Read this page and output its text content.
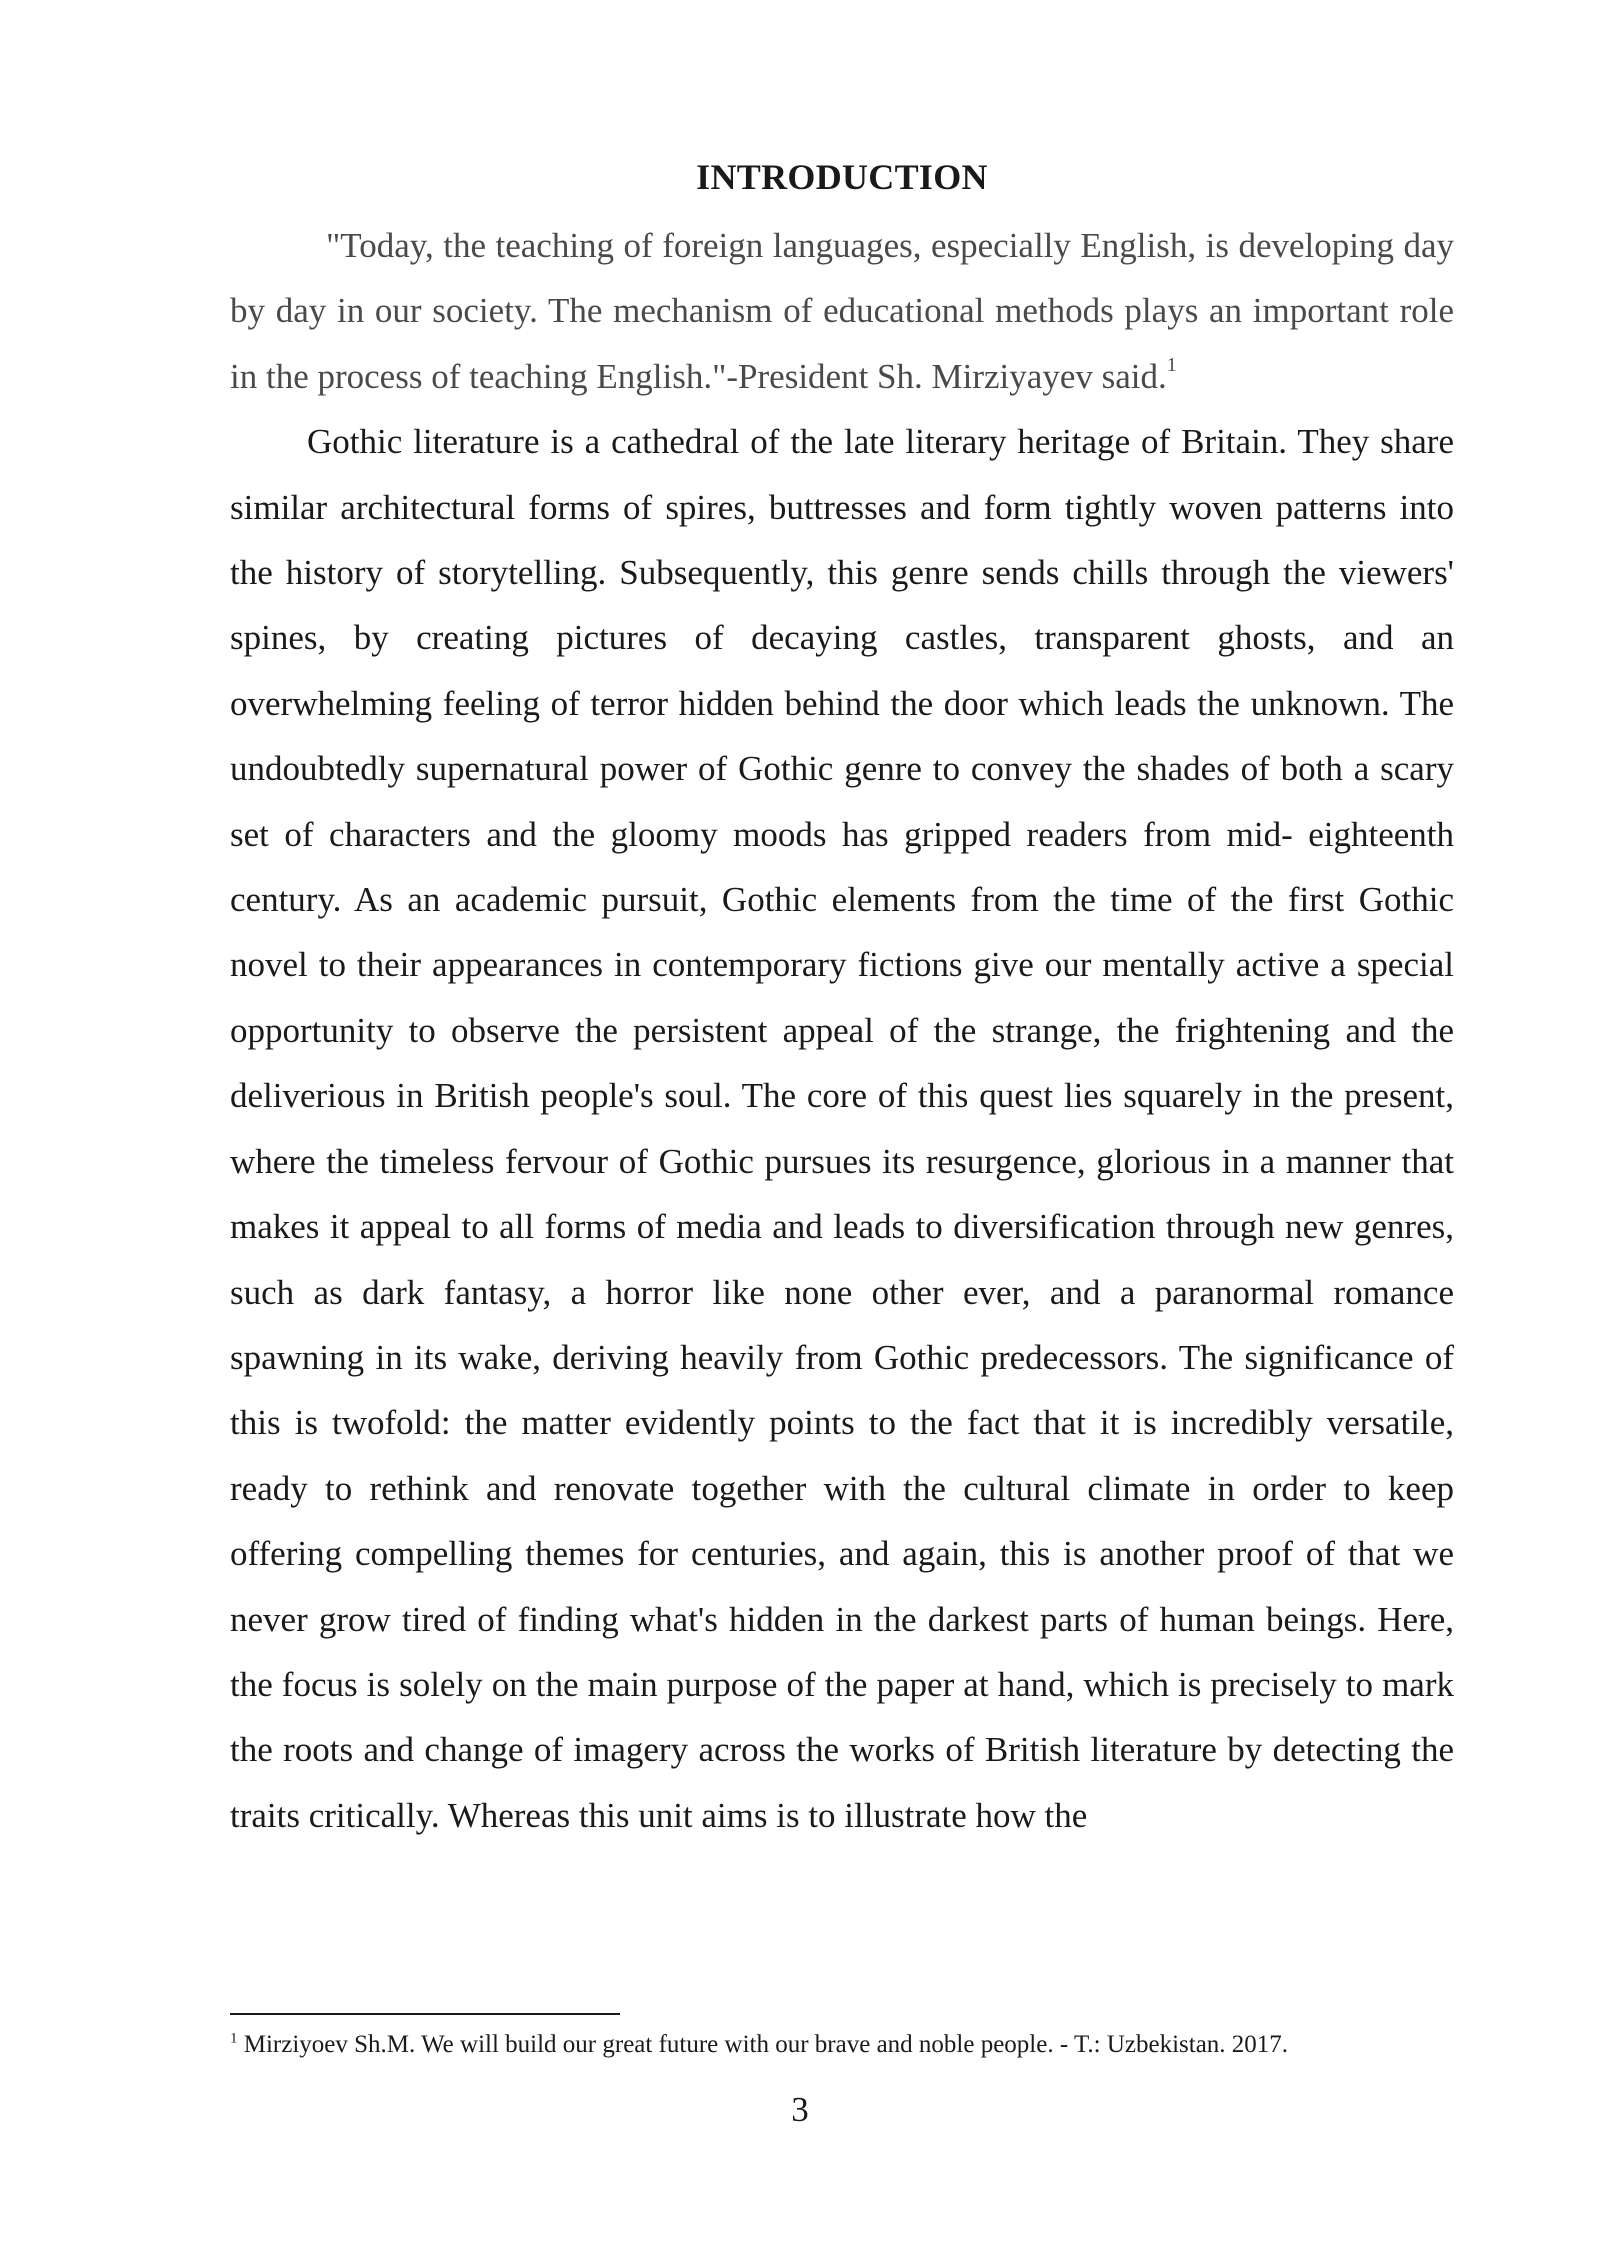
INTRODUCTION

"Today, the teaching of foreign languages, especially English, is developing day by day in our society. The mechanism of educational methods plays an important role in the process of teaching English."-President Sh. Mirziyayev said.$^1$

Gothic literature is a cathedral of the late literary heritage of Britain. They share similar architectural forms of spires, buttresses and form tightly woven patterns into the history of storytelling. Subsequently, this genre sends chills through the viewers' spines, by creating pictures of decaying castles, transparent ghosts, and an overwhelming feeling of terror hidden behind the door which leads the unknown. The undoubtedly supernatural power of Gothic genre to convey the shades of both a scary set of characters and the gloomy moods has gripped readers from mid- eighteenth century. As an academic pursuit, Gothic elements from the time of the first Gothic novel to their appearances in contemporary fictions give our mentally active a special opportunity to observe the persistent appeal of the strange, the frightening and the deliverious in British people's soul. The core of this quest lies squarely in the present, where the timeless fervour of Gothic pursues its resurgence, glorious in a manner that makes it appeal to all forms of media and leads to diversification through new genres, such as dark fantasy, a horror like none other ever, and a paranormal romance spawning in its wake, deriving heavily from Gothic predecessors. The significance of this is twofold: the matter evidently points to the fact that it is incredibly versatile, ready to rethink and renovate together with the cultural climate in order to keep offering compelling themes for centuries, and again, this is another proof of that we never grow tired of finding what's hidden in the darkest parts of human beings. Here, the focus is solely on the main purpose of the paper at hand, which is precisely to mark the roots and change of imagery across the works of British literature by detecting the traits critically. Whereas this unit aims is to illustrate how the

$^1$ Mirziyoev Sh.M. We will build our great future with our brave and noble people. - T.: Uzbekistan. 2017.
3
